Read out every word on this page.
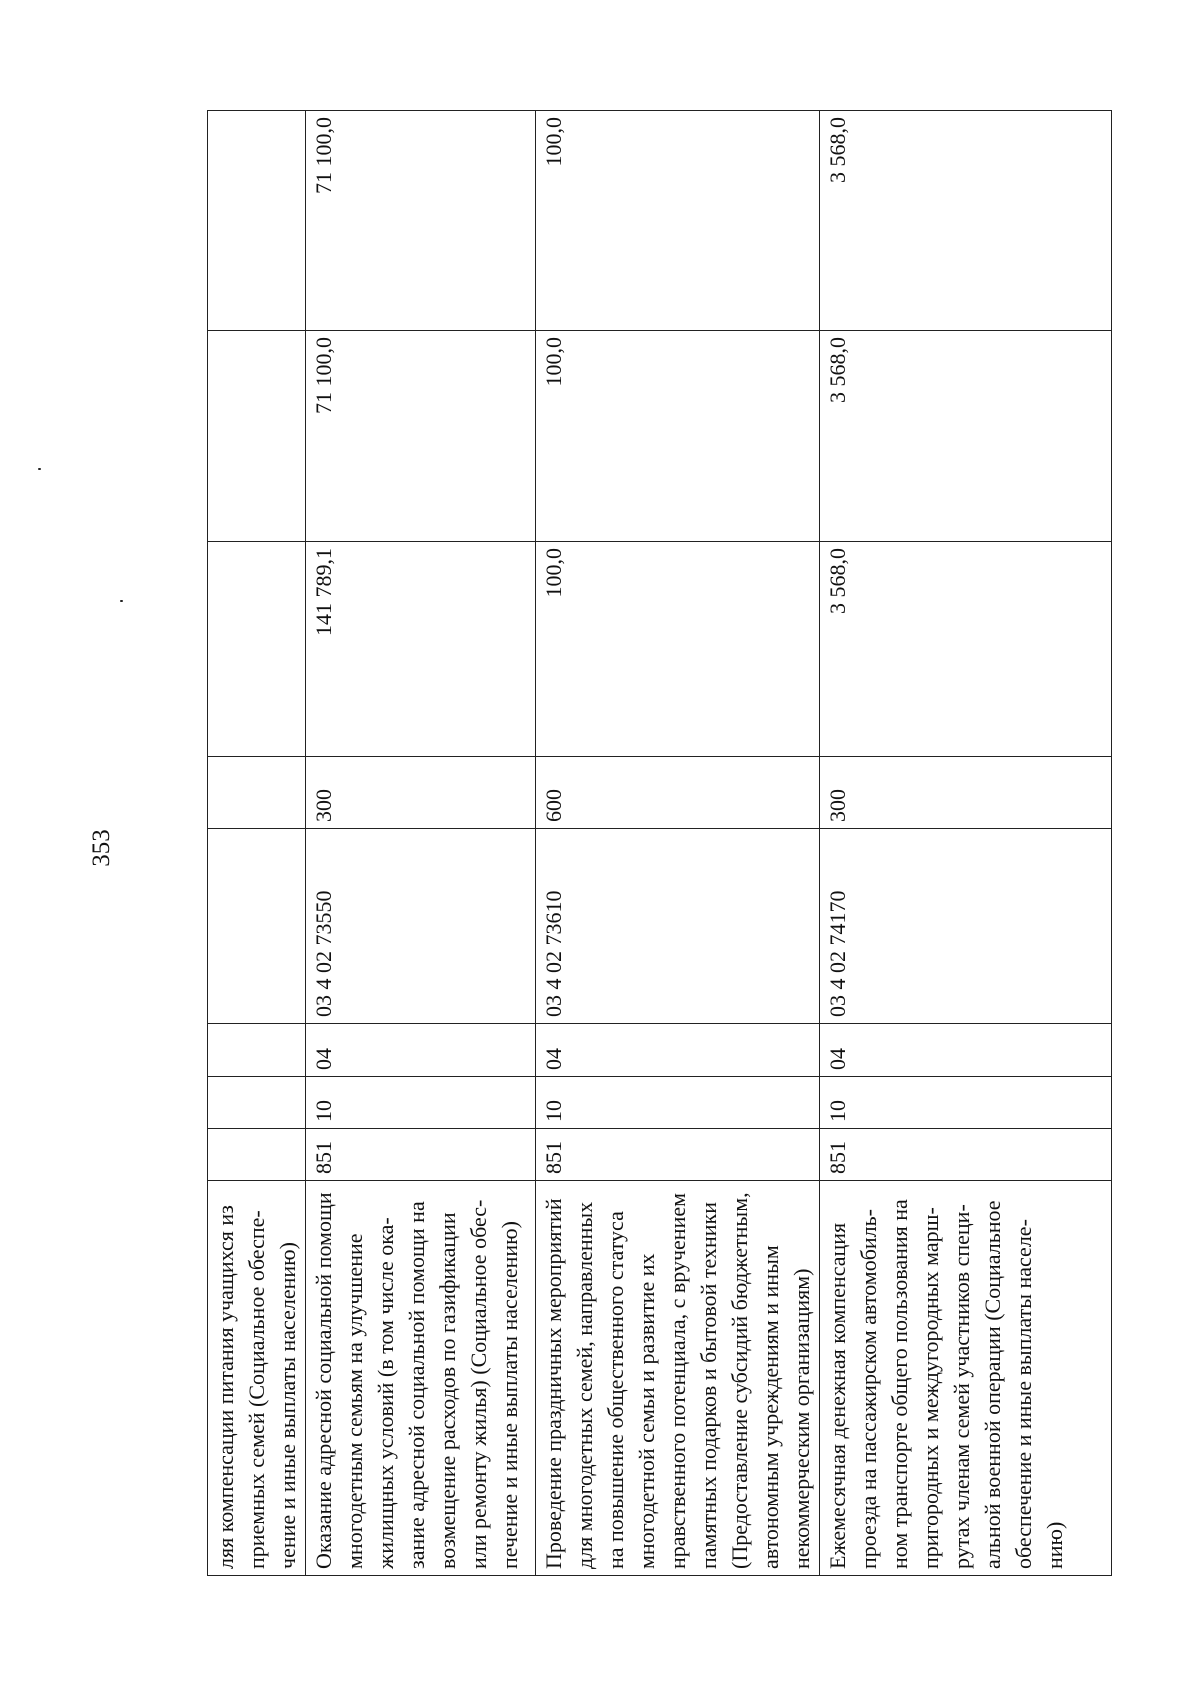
353
ляя компенсации питания учащихся из приемных семей (Социальное обеспечение и иные выплаты населению)								
Оказание адресной социальной помощи многодетным семьям на улучшение жилищных условий (в том числе оказание адресной социальной помощи на возмещение расходов по газификации или ремонту жилья) (Социальное обеспечение и иные выплаты населению)	851	10	04	03 4 02 73550	300	141 789,1	71 100,0	71 100,0
Проведение праздничных мероприятий для многодетных семей, направленных на повышение общественного статуса многодетной семьи и развитие их нравственного потенциала, с вручением памятных подарков и бытовой техники (Предоставление субсидий бюджетным, автономным учреждениям и иным некоммерческим организациям)	851	10	04	03 4 02 73610	600	100,0	100,0	100,0
Ежемесячная денежная компенсация проезда на пассажирском автомобильном транспорте общего пользования на пригородных и междугородных маршрутах членам семей участников специальной военной операции (Социальное обеспечение и иные выплаты населению)	851	10	04	03 4 02 74170	300	3 568,0	3 568,0	3 568,0
